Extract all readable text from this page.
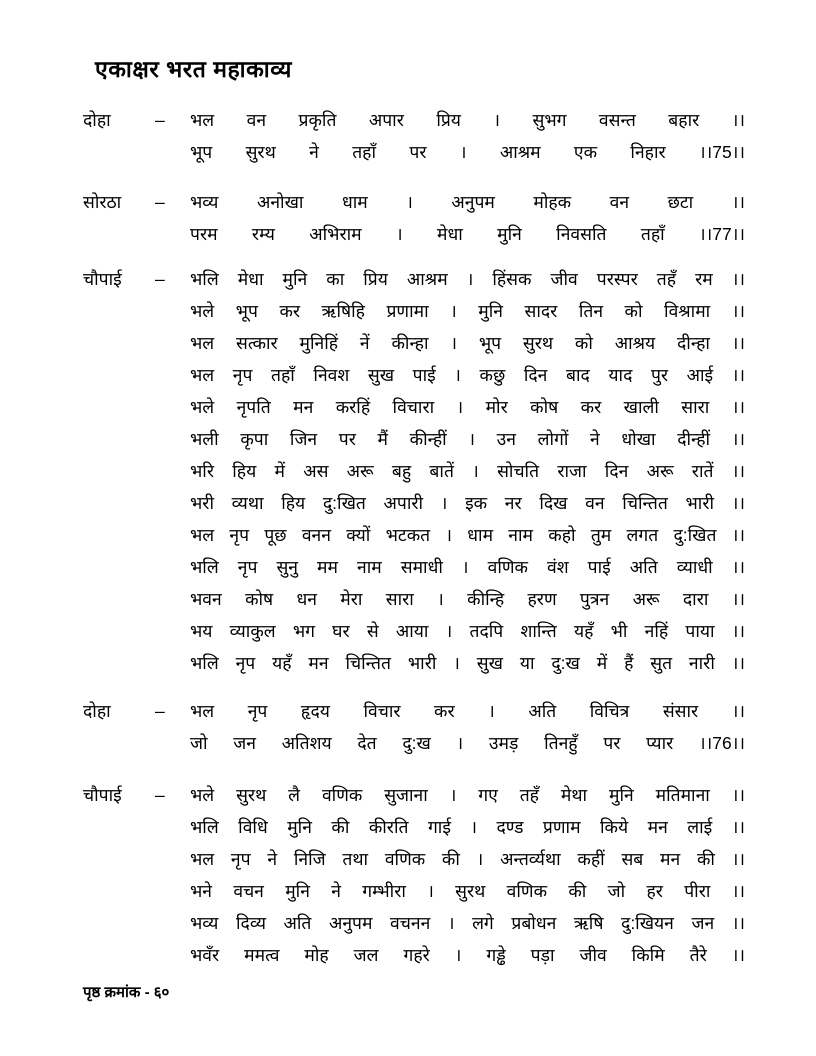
एकाक्षर भरत महाकाव्य
दोहा	–	भल वन प्रकृति अपार प्रिय । सुभग वसन्त बहार ।।
भूप सुरथ ने तहाँ पर । आश्रम एक निहार ।।75।।
सोरठा	–	भव्य अनोखा धाम । अनुपम मोहक वन छटा ।।
परम रम्य अभिराम । मेधा मुनि निवसति तहाँ ।।77।।
चौपाई	–	भलि मेधा मुनि का प्रिय आश्रम । हिंसक जीव परस्पर तहँ रम ।।
भले भूप कर ऋषिहि प्रणामा । मुनि सादर तिन को विश्रामा ।।
भल सत्कार मुनिहिं नें कीन्हा । भूप सुरथ को आश्रय दीन्हा ।।
भल नृप तहाँ निवश सुख पाई । कछु दिन बाद याद पुर आई ।।
भले नृपति मन करहिं विचारा । मोर कोष कर खाली सारा ।।
भली कृपा जिन पर मैं कीन्हीं । उन लोगों ने धोखा दीन्हीं ।।
भरि हिय में अस अरू बहु बातें । सोचति राजा दिन अरू रातें ।।
भरी व्यथा हिय दु:खित अपारी । इक नर दिख वन चिन्तित भारी ।।
भल नृप पूछ वनन क्यों भटकत । धाम नाम कहो तुम लगत दु:खित ।।
भलि नृप सुनु मम नाम समाधी । वणिक वंश पाई अति व्याधी ।।
भवन कोष धन मेरा सारा । कीन्हि हरण पुत्रन अरू दारा ।।
भय व्याकुल भग घर से आया । तदपि शान्ति यहँ भी नहिं पाया ।।
भलि नृप यहँ मन चिन्तित भारी । सुख या दु:ख में हैं सुत नारी ।।
दोहा	–	भल नृप हृदय विचार कर । अति विचित्र संसार ।।
जो जन अतिशय देत दु:ख । उमड़ तिनहुँ पर प्यार ।।76।।
चौपाई	–	भले सुरथ लै वणिक सुजाना । गए तहँ मेथा मुनि मतिमाना ।।
भलि विधि मुनि की कीरति गाई । दण्ड प्रणाम किये मन लाई ।।
भल नृप ने निजि तथा वणिक की । अन्तर्व्यथा कहीं सब मन की ।।
भने वचन मुनि ने गम्भीरा । सुरथ वणिक की जो हर पीरा ।।
भव्य दिव्य अति अनुपम वचनन । लगे प्रबोधन ऋषि दु:खियन जन ।।
भवँर ममत्व मोह जल गहरे । गड्ढे पड़ा जीव किमि तैरे ।।
पृष्ठ क्रमांक - ६०
